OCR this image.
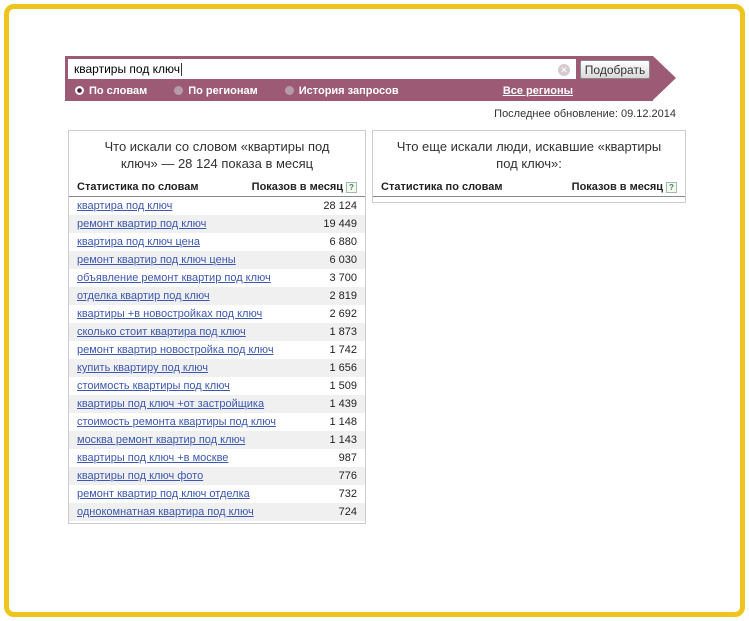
квартиры под ключ	✕	Подобрать
По словам	По регионам	История запросов	Все регионы
Последнее обновление: 09.12.2014
Что искали со словом «квартиры под ключ» — 28 124 показа в месяц
Статистика по словам	Показов в месяц ?
квартира под ключ	28 124
ремонт квартир под ключ	19 449
квартира под ключ цена	6 880
ремонт квартир под ключ цены	6 030
объявление ремонт квартир под ключ	3 700
отделка квартир под ключ	2 819
квартиры +в новостройках под ключ	2 692
сколько стоит квартира под ключ	1 873
ремонт квартир новостройка под ключ	1 742
купить квартиру под ключ	1 656
стоимость квартиры под ключ	1 509
квартиры под ключ +от застройщика	1 439
стоимость ремонта квартиры под ключ	1 148
москва ремонт квартир под ключ	1 143
квартиры под ключ +в москве	987
квартиры под ключ фото	776
ремонт квартир под ключ отделка	732
однокомнатная квартира под ключ	724
Что еще искали люди, искавшие «квартиры под ключ»:
Статистика по словам	Показов в месяц ?
